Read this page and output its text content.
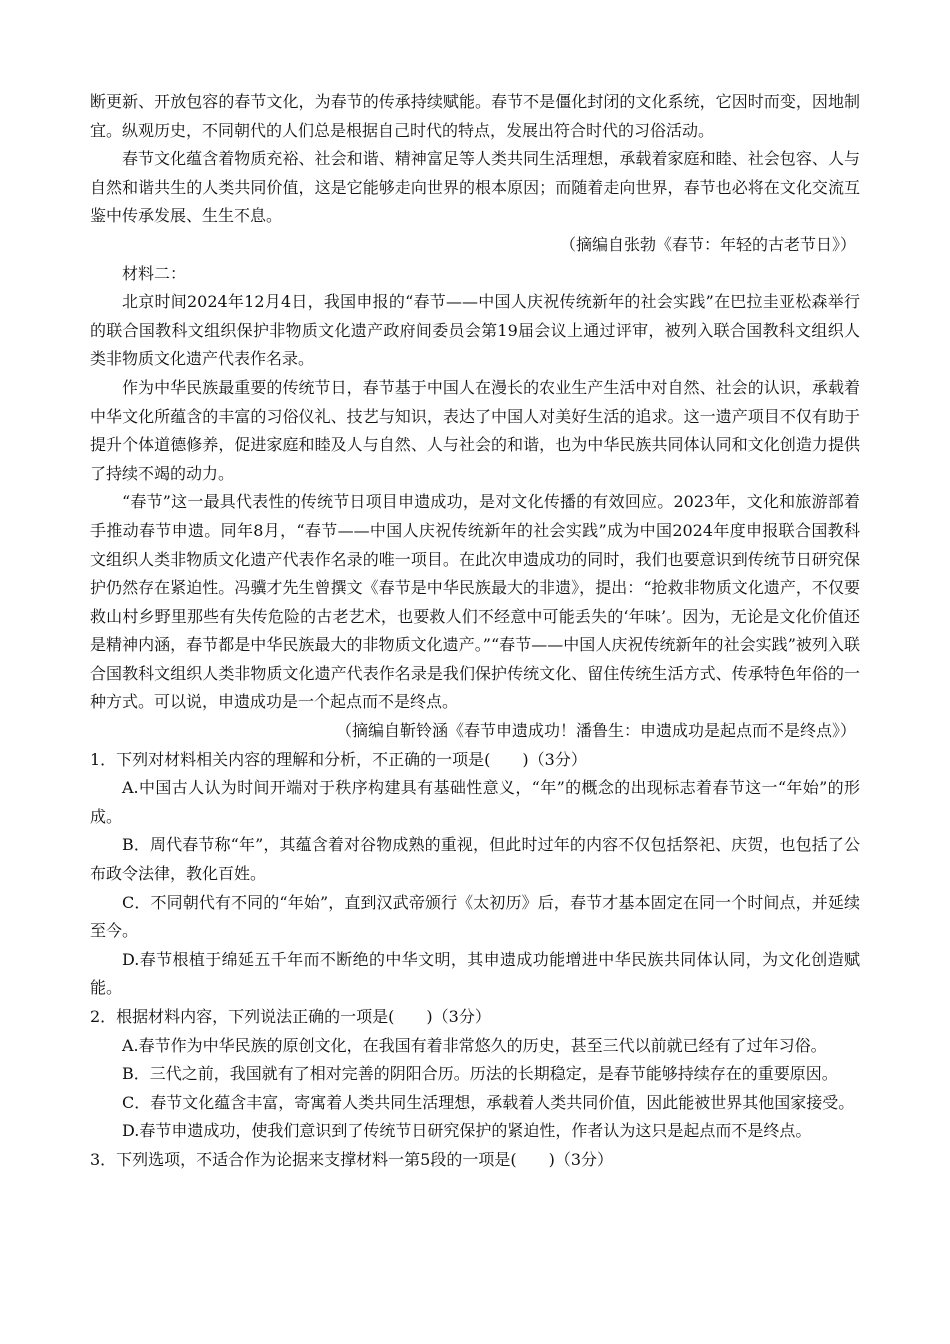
断更新、开放包容的春节文化，为春节的传承持续赋能。春节不是僵化封闭的文化系统，它因时而变，因地制宜。纵观历史，不同朝代的人们总是根据自己时代的特点，发展出符合时代的习俗活动。

春节文化蕴含着物质充裕、社会和谐、精神富足等人类共同生活理想，承载着家庭和睦、社会包容、人与自然和谐共生的人类共同价值，这是它能够走向世界的根本原因；而随着走向世界，春节也必将在文化交流互鉴中传承发展、生生不息。

（摘编自张勃《春节：年轻的古老节日》）

材料二：

北京时间2024年12月4日，我国申报的“春节——中国人庆祝传统新年的社会实践”在巴拉圭亚松森举行的联合国教科文组织保护非物质文化遗产政府间委员会第19届会议上通过评审，被列入联合国教科文组织人类非物质文化遗产代表作名录。

作为中华民族最重要的传统节日，春节基于中国人在漫长的农业生产生活中对自然、社会的认识，承载着中华文化所蕴含的丰富的习俗仪礼、技艺与知识，表达了中国人对美好生活的追求。这一遗产项目不仅有助于提升个体道德修养，促进家庭和睦及人与自然、人与社会的和谐，也为中华民族共同体认同和文化创造力提供了持续不竭的动力。

“春节”这一最具代表性的传统节日项目申遗成功，是对文化传播的有效回应。2023年，文化和旅游部着手推动春节申遗。同年8月，“春节——中国人庆祝传统新年的社会实践”成为中国2024年度申报联合国教科文组织人类非物质文化遗产代表作名录的唯一项目。在此次申遗成功的同时，我们也要意识到传统节日研究保护仍然存在紧迫性。冯骥才先生曾撰文《春节是中华民族最大的非遗》，提出：“抢救非物质文化遗产，不仅要救山村乡野里那些有失传危险的古老艺术，也要救人们不经意中可能丢失的‘年味’。因为，无论是文化价值还是精神内涵，春节都是中华民族最大的非物质文化遗产。”“春节——中国人庆祝传统新年的社会实践”被列入联合国教科文组织人类非物质文化遗产代表作名录是我们保护传统文化、留住传统生活方式、传承特色年俗的一种方式。可以说，申遗成功是一个起点而不是终点。

（摘编自靳铃涵《春节申遗成功！潘鲁生：申遗成功是起点而不是终点》）

1．下列对材料相关内容的理解和分析，不正确的一项是(　　)（3分）

A.中国古人认为时间开端对于秩序构建具有基础性意义，“年”的概念的出现标志着春节这一“年始”的形成。

B．周代春节称“年”，其蕴含着对谷物成熟的重视，但此时过年的内容不仅包括祭祀、庆贺，也包括了公布政令法律，教化百姓。

C．不同朝代有不同的“年始”，直到汉武帝颁行《太初历》后，春节才基本固定在同一个时间点，并延续至今。

D.春节根植于绵延五千年而不断绝的中华文明，其申遗成功能增进中华民族共同体认同，为文化创造赋能。

2．根据材料内容，下列说法正确的一项是(　　)（3分）

A.春节作为中华民族的原创文化，在我国有着非常悠久的历史，甚至三代以前就已经有了过年习俗。

B．三代之前，我国就有了相对完善的阴阳合历。历法的长期稳定，是春节能够持续存在的重要原因。

C．春节文化蕴含丰富，寄寓着人类共同生活理想，承载着人类共同价值，因此能被世界其他国家接受。

D.春节申遗成功，使我们意识到了传统节日研究保护的紧迫性，作者认为这只是起点而不是终点。

3．下列选项，不适合作为论据来支撑材料一第5段的一项是(　　)（3分）
